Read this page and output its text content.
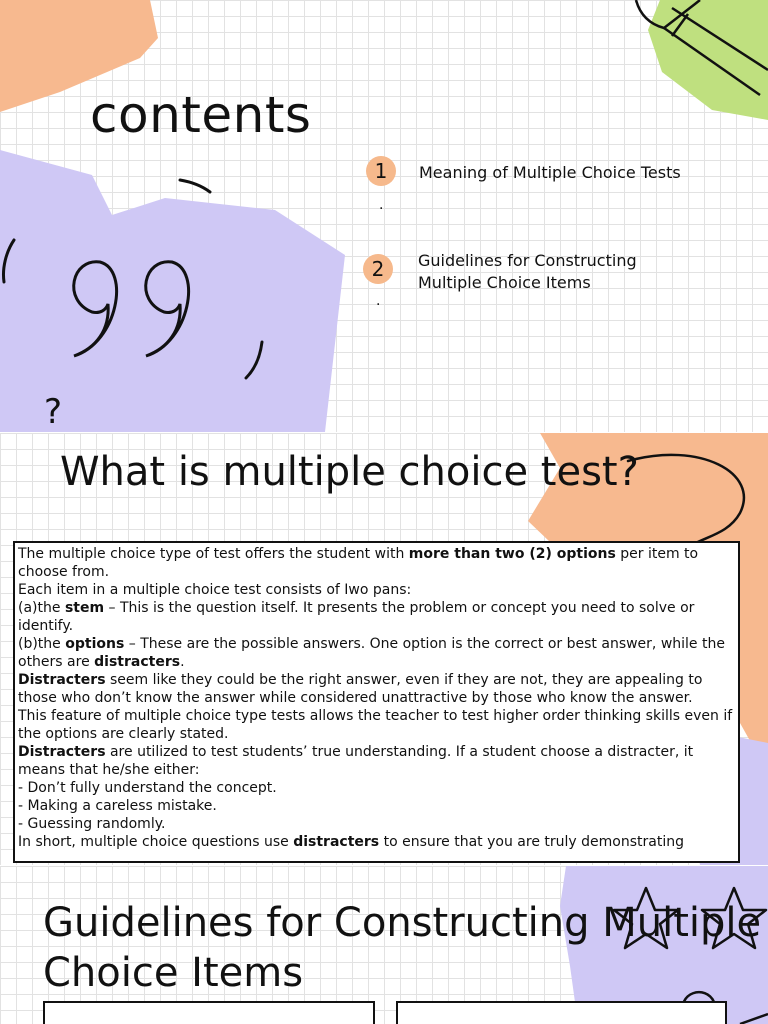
contents
1
.
Meaning of Multiple Choice Tests
2
.
Guidelines for Constructing Multiple Choice Items
?
What is multiple choice test?

The multiple choice type of test offers the student with more than two (2) options per item to choose from.

Each item in a multiple choice test consists of Iwo pans:

(a)the stem – This is the question itself. It presents the problem or concept you need to solve or identify.

(b)the options – These are the possible answers. One option is the correct or best answer, while the others are distracters.

Distracters seem like they could be the right answer, even if they are not, they are appealing to those who don’t know the answer while considered unattractive by those who know the answer.

This feature of multiple choice type tests allows the teacher to test higher order thinking skills even if the options are clearly stated.

Distracters are utilized to test students’ true understanding. If a student choose a distracter, it means that he/she either:

- Don’t fully understand the concept.

- Making a careless mistake.

- Guessing randomly.

In short, multiple choice questions use distracters to ensure that you are truly demonstrating

Guidelines for Constructing Multiple Choice Items
